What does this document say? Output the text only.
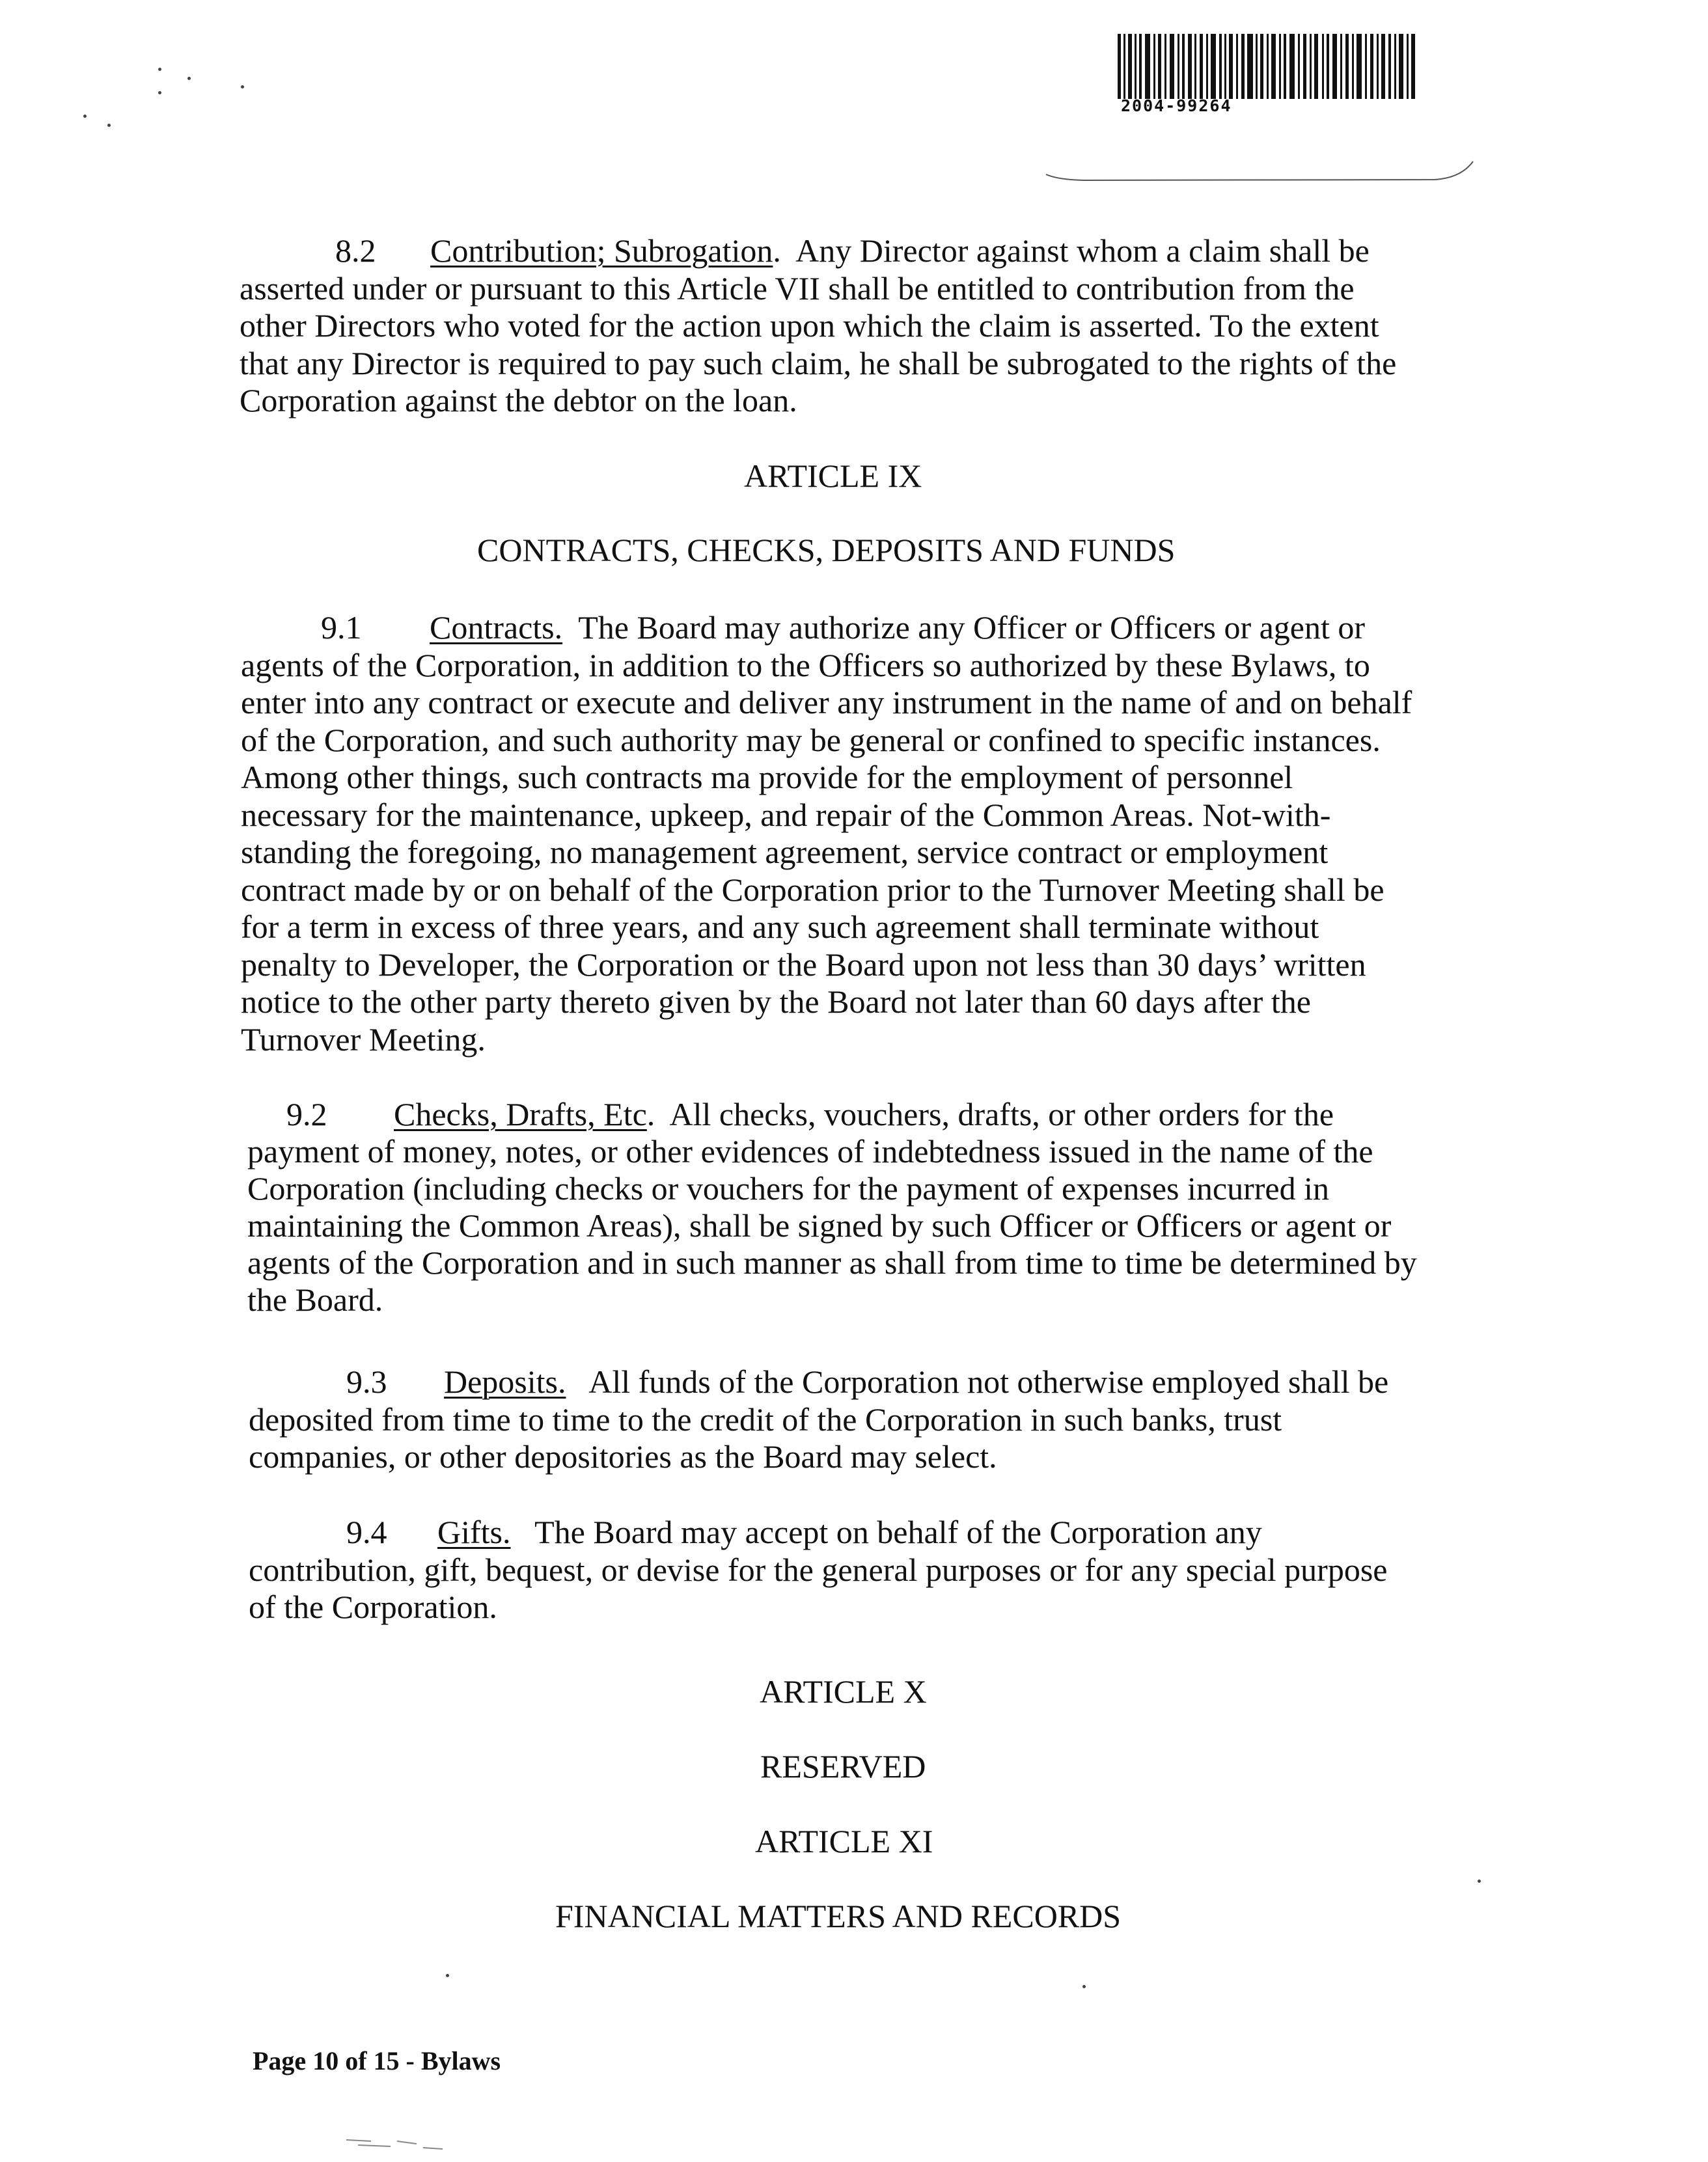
2004-99264
8.2 Contribution; Subrogation.  Any Director against whom a claim shall be
asserted under or pursuant to this Article VII shall be entitled to contribution from the
other Directors who voted for the action upon which the claim is asserted. To the extent
that any Director is required to pay such claim, he shall be subrogated to the rights of the
Corporation against the debtor on the loan.
ARTICLE IX
CONTRACTS, CHECKS, DEPOSITS AND FUNDS
9.1 Contracts. The Board may authorize any Officer or Officers or agent or
agents of the Corporation, in addition to the Officers so authorized by these Bylaws, to
enter into any contract or execute and deliver any instrument in the name of and on behalf
of the Corporation, and such authority may be general or confined to specific instances.
Among other things, such contracts ma provide for the employment of personnel
necessary for the maintenance, upkeep, and repair of the Common Areas. Not-with-
standing the foregoing, no management agreement, service contract or employment
contract made by or on behalf of the Corporation prior to the Turnover Meeting shall be
for a term in excess of three years, and any such agreement shall terminate without
penalty to Developer, the Corporation or the Board upon not less than 30 days’ written
notice to the other party thereto given by the Board not later than 60 days after the
Turnover Meeting.
9.2 Checks, Drafts, Etc.  All checks, vouchers, drafts, or other orders for the
payment of money, notes, or other evidences of indebtedness issued in the name of the
Corporation (including checks or vouchers for the payment of expenses incurred in
maintaining the Common Areas), shall be signed by such Officer or Officers or agent or
agents of the Corporation and in such manner as shall from time to time be determined by
the Board.
9.3 Deposits. All funds of the Corporation not otherwise employed shall be
deposited from time to time to the credit of the Corporation in such banks, trust
companies, or other depositories as the Board may select.
9.4 Gifts. The Board may accept on behalf of the Corporation any
contribution, gift, bequest, or devise for the general purposes or for any special purpose
of the Corporation.
ARTICLE X
RESERVED
ARTICLE XI
FINANCIAL MATTERS AND RECORDS
Page 10 of 15 - Bylaws
